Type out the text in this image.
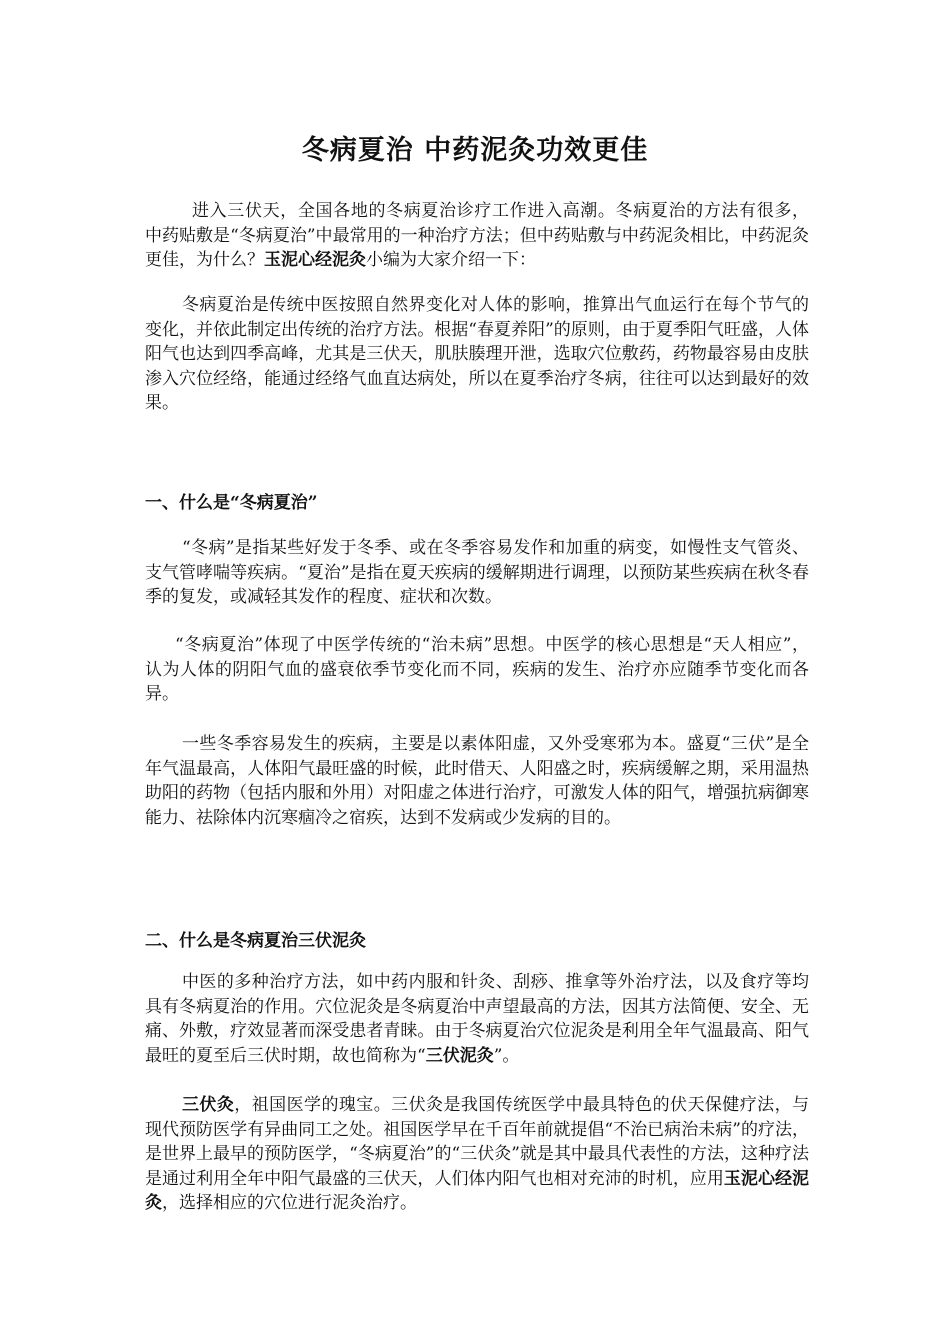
冬病夏治 中药泥灸功效更佳

进入三伏天，全国各地的冬病夏治诊疗工作进入高潮。冬病夏治的方法有很多， 中药贴敷是“冬病夏治”中最常用的一种治疗方法；但中药贴敷与中药泥灸相比，中药泥灸更佳，为什么？玉泥心经泥灸小编为大家介绍一下：

冬病夏治是传统中医按照自然界变化对人体的影响，推算出气血运行在每个节气的变化，并依此制定出传统的治疗方法。根据“春夏养阳”的原则，由于夏季阳气旺盛，人体阳气也达到四季高峰，尤其是三伏天，肌肤腠理开泄，选取穴位敷药，药物最容易由皮肤渗入穴位经络，能通过经络气血直达病处，所以在夏季治疗冬病，往往可以达到最好的效果。

一、什么是“冬病夏治”

“冬病”是指某些好发于冬季、或在冬季容易发作和加重的病变，如慢性支气管炎、支气管哮喘等疾病。“夏治”是指在夏天疾病的缓解期进行调理，以预防某些疾病在秋冬春季的复发，或减轻其发作的程度、症状和次数。

“冬病夏治”体现了中医学传统的“治未病”思想。中医学的核心思想是“天人相应”， 认为人体的阴阳气血的盛衰依季节变化而不同，疾病的发生、治疗亦应随季节变化而各异。

一些冬季容易发生的疾病，主要是以素体阳虚，又外受寒邪为本。盛夏“三伏”是全年气温最高，人体阳气最旺盛的时候，此时借天、人阳盛之时，疾病缓解之期，采用温热助阳的药物（包括内服和外用）对阳虚之体进行治疗，可激发人体的阳气，增强抗病御寒能力、祛除体内沉寒痼冷之宿疾，达到不发病或少发病的目的。

二、什么是冬病夏治三伏泥灸

中医的多种治疗方法，如中药内服和针灸、刮痧、推拿等外治疗法，以及食疗等均具有冬病夏治的作用。穴位泥灸是冬病夏治中声望最高的方法，因其方法简便、安全、无痛、外敷，疗效显著而深受患者青睐。由于冬病夏治穴位泥灸是利用全年气温最高、阳气最旺的夏至后三伏时期，故也简称为“三伏泥灸”。

三伏灸，祖国医学的瑰宝。三伏灸是我国传统医学中最具特色的伏天保健疗法，与现代预防医学有异曲同工之处。祖国医学早在千百年前就提倡“不治已病治未病”的疗法，是世界上最早的预防医学，“冬病夏治”的“三伏灸”就是其中最具代表性的方法，这种疗法是通过利用全年中阳气最盛的三伏天，人们体内阳气也相对充沛的时机，应用玉泥心经泥灸，选择相应的穴位进行泥灸治疗。
